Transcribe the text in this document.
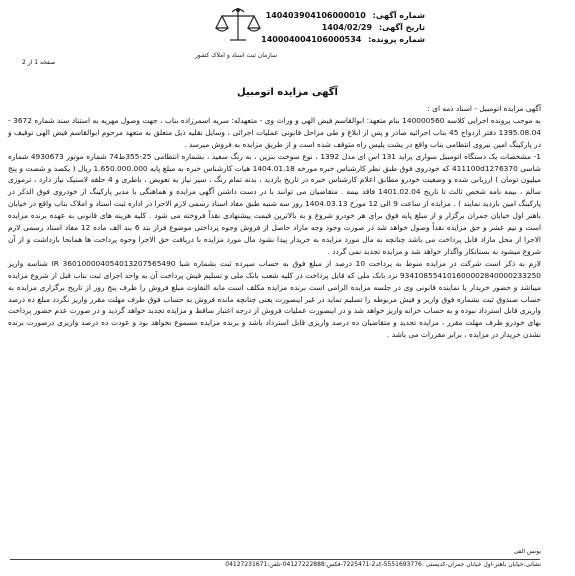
شماره آگهی: 140403904106000010
تاریخ آگهی: 1404/02/29
شماره پرونده: 140004004106000534
سازمان ثبت اسناد و املاک کشور
صفحه 1 از 2
آگهی مزایده اتومبیل

آگهی مزایده اتومبیل - اسناد ذمه ای :

به موجب پرونده اجرایی کلاسه 140000560 بنام متعهد: ابوالقاسم فیض الهی و وراث وی - متعهدله: سریه اسمرزاده بناب ، جهت وصول مهریه به استناد سند شماره 3672 - 1395.08.04 دفتر ازدواج 45 بناب اجرائیه صادر و پس از ابلاغ و طی مراحل قانونی عملیات اجرائی ، وسایل نقلیه ذیل متعلق به متعهد مرحوم ابوالقاسم فیض الهی توقیف و در پارکینگ امین نیروی انتظامی بناب واقع در پشت پلیس راه متوقف شده است و از طریق مزایده به فروش میرسد .

1- مشخصات یک دستگاه اتومبیل سواری پراید 131 اس ای مدل 1392 ، نوع سوخت بنزین ، به رنگ سفید ، بشماره انتظامی 25-355ط74 شماره موتور 4930673 شماره شاسی 411100d1276370 که خودروی فوق طبق نظر کارشناس خبره مورخه 1404.01.18 هیات کارشناس خبره به مبلغ پایه 1.650.000.000 ریال ( یکصد و شصت و پنج میلیون تومان ) ارزیابی شده و وضعیت خودرو مطابق اعلام کارشناس خبره در تاریخ بازدید ، بدنه تمام رنگ ، سپر نیاز به تعویض ، باطری و 4 حلقه لاستیک نیاز دارد ، ترموزی سالم ، بیمه نامه شخص ثالث تا تاریخ 1401.02.04 فاقد بیمه . متقاضیان می توانند با در دست داشتن آگهی مزایده و هماهنگی با مدیر پارکینگ از خودروی فوق الذکر در پارکینگ امین بازدید نمایند ) . مزایده از ساعت 9 الی 12 مورخ 1404.03.13 روز سه شنبه طبق مفاد اسناد رسمی لازم الاجرا در اداره ثبت اسناد و املاک بناب واقع در خیابان باهنر اول خیابان جمران برگزار و از مبلغ پایه فوق برای هر خودرو شروع و به بالاترین قیمت پیشنهادی نقداً فروخته می شود . کلیه هزینه های قانونی به عهده برنده مزایده است و نیم عشر و حق مزایده نقداً وصول خواهد شد در صورت وجود وجه مازاد حاصل از فروش وجوه پرداختی موضوع فراز بند 6 بند الف ماده 12 مفاد اسناد رسمی لازم الاجرا از محل مازاد قابل پرداخت می باشد چنانچه به مال مورد مزایده به خریدار پیدا نشود مال مورد مزایده با دریافت حق الاجرا وجوه پرداخت ها همانجا بازداشت و از آن شروع میشود به بستانکار واگذار خواهد شد و مزایده تجدید نمی گردد .

لازم به ذکر است شرکت در مزایده منوط به پرداخت 10 درصد از مبلغ فوق به حساب سپرده ثبت بشماره شبا IR 360100004054013207565490 شناسه واریز 934108554101600002840000233250 نزد بانک ملی که قابل پرداخت در کلیه شعب بانک ملی و تسلیم فیش پرداخت آن به واحد اجرای ثبت بناب قبل از شروع مزایده میباشد و حضور خریدار یا نماینده قانونی وی در جلسه مزایده الزامی است برنده مزایده مکلف است مابه التفاوت مبلغ فروش را ظرف پنج روز از تاریخ برگزاری مزایده به حساب صندوق ثبت بشماره فوق واریز و فیش مربوطه را تسلیم نماید در غیر اینصورت یعنی چنانچه مانده فروش به حساب فوق ظرف مهلت مقرر واریز نگردد مبلغ ده درصد واریزی قابل استرداد نبوده و به حساب خزانه واریز خواهد شد و در اینصورت عملیات فروش از درجه اعتبار ساقط و مزایده تجدید خواهد گردید و در صورت عدم حضور پرداخت بهای خودرو ظرف مهلت مقرر ، مزایده تجدید و متقاضیان ده درصد واریزی قابل استرداد باشد و برنده مزایده مسموع نخواهد بود و عودت ده درصد واریزی درصورت برنده نشدن خریدار در مزایده ، برابر مقررات می باشد .

یونس الفی
نشانی:خیابان باهنر-اول خیابان جمران-کدپستی :5551693776-کد2-7225471-فکس:04127222888-تلفن:04127231671
